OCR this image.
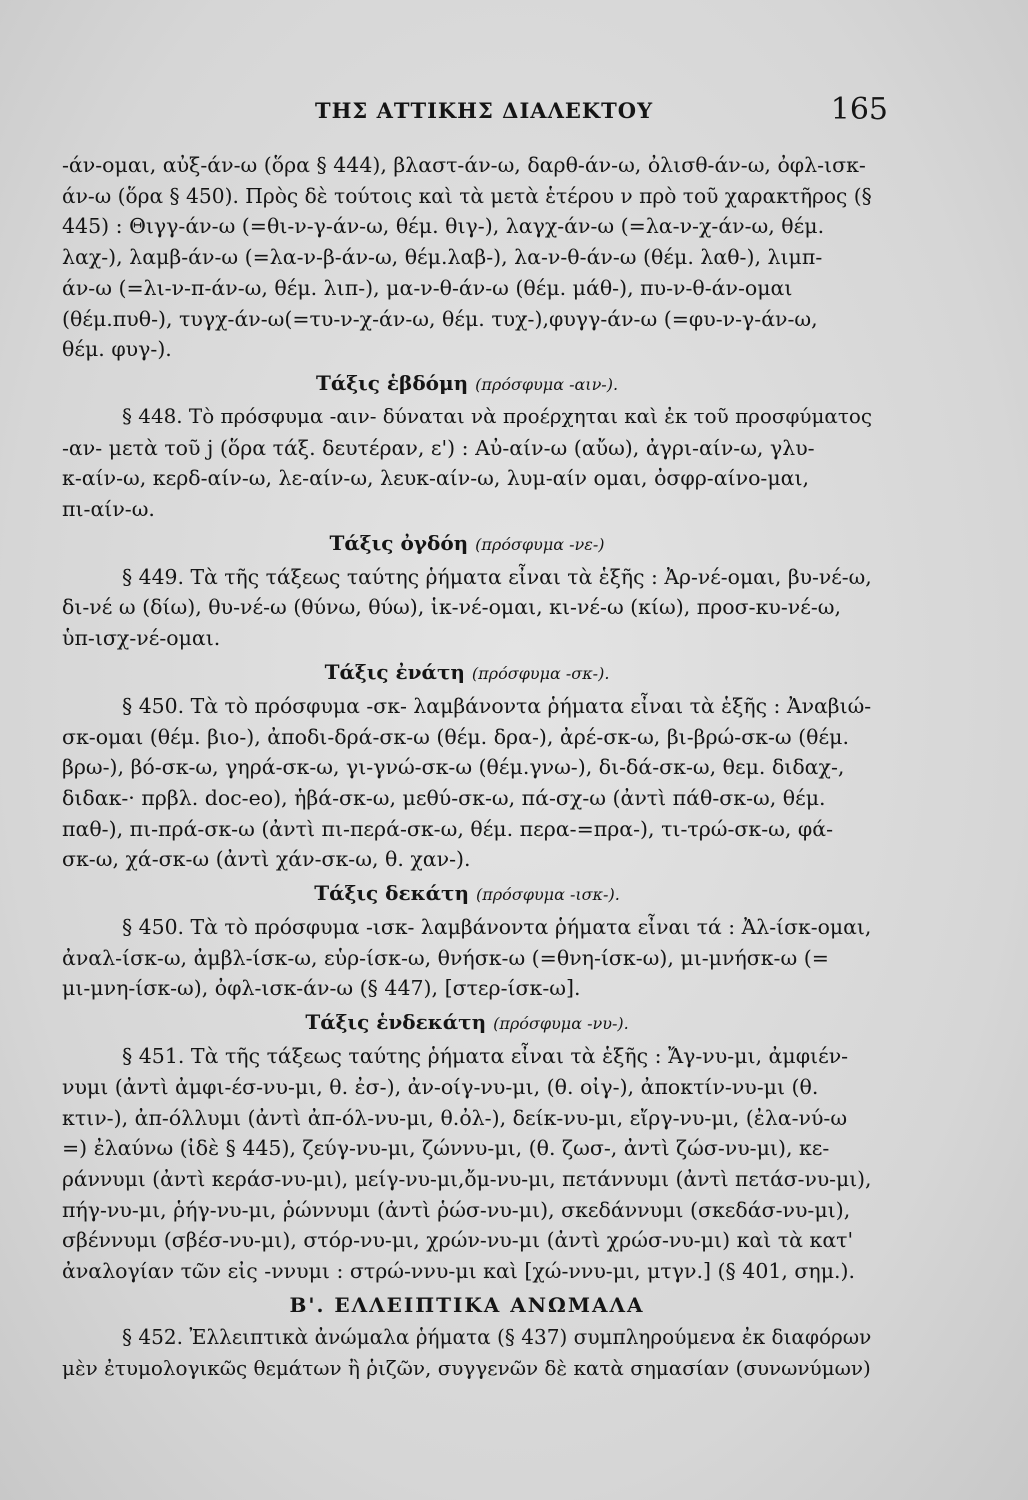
ΤΗΣ ΑΤΤΙΚΗΣ ΔΙΑΛΕΚΤΟΥ	165

-άν-ομαι, αὐξ-άν-ω (ὅρα § 444), βλαστ-άν-ω, δαρθ-άν-ω, ὀλισθ-άν-ω, ὀφλ-ισκ-
άν-ω (ὅρα § 450). Πρὸς δὲ τούτοις καὶ τὰ μετὰ ἑτέρου ν πρὸ τοῦ χαρακτῆρος (§
445) : Θιγγ-άν-ω (=θι-ν-γ-άν-ω, θέμ. θιγ-), λαγχ-άν-ω (=λα-ν-χ-άν-ω, θέμ.
λαχ-), λαμβ-άν-ω (=λα-ν-β-άν-ω, θέμ.λαβ-), λα-ν-θ-άν-ω (θέμ. λαθ-), λιμπ-
άν-ω (=λι-ν-π-άν-ω, θέμ. λιπ-), μα-ν-θ-άν-ω (θέμ. μάθ-), πυ-ν-θ-άν-ομαι
(θέμ.πυθ-), τυγχ-άν-ω(=τυ-ν-χ-άν-ω, θέμ. τυχ-),φυγγ-άν-ω (=φυ-ν-γ-άν-ω,
θέμ. φυγ-).

Τάξις ἑβδόμη (πρόσφυμα -αιν-).

§ 448. Τὸ πρόσφυμα -αιν- δύναται νὰ προέρχηται καὶ ἐκ τοῦ προσφύματος
-αν- μετὰ τοῦ j (ὅρα τάξ. δευτέραν, ε') : Αὐ-αίν-ω (αὔω), ἀγρι-αίν-ω, γλυ-
κ-αίν-ω, κερδ-αίν-ω, λε-αίν-ω, λευκ-αίν-ω, λυμ-αίν ομαι, ὀσφρ-αίνο-μαι,
πι-αίν-ω.

Τάξις ὀγδόη (πρόσφυμα -νε-)

§ 449. Τὰ τῆς τάξεως ταύτης ῥήματα εἶναι τὰ ἑξῆς : Ἀρ-νέ-ομαι, βυ-νέ-ω,
δι-νέ ω (δίω), θυ-νέ-ω (θύνω, θύω), ἱκ-νέ-ομαι, κι-νέ-ω (κίω), προσ-κυ-νέ-ω,
ὑπ-ισχ-νέ-ομαι.

Τάξις ἐνάτη (πρόσφυμα -σκ-).

§ 450. Τὰ τὸ πρόσφυμα -σκ- λαμβάνοντα ῥήματα εἶναι τὰ ἑξῆς : Ἀναβιώ-
σκ-ομαι (θέμ. βιο-), ἀποδι-δρά-σκ-ω (θέμ. δρα-), ἀρέ-σκ-ω, βι-βρώ-σκ-ω (θέμ.
βρω-), βό-σκ-ω, γηρά-σκ-ω, γι-γνώ-σκ-ω (θέμ.γνω-), δι-δά-σκ-ω, θεμ. διδαχ-,
διδακ-· πρβλ. doc-eo), ἡβά-σκ-ω, μεθύ-σκ-ω, πά-σχ-ω (ἀντὶ πάθ-σκ-ω, θέμ.
παθ-), πι-πρά-σκ-ω (ἀντὶ πι-περά-σκ-ω, θέμ. περα-=πρα-), τι-τρώ-σκ-ω, φά-
σκ-ω, χά-σκ-ω (ἀντὶ χάν-σκ-ω, θ. χαν-).

Τάξις δεκάτη (πρόσφυμα -ισκ-).

§ 450. Τὰ τὸ πρόσφυμα -ισκ- λαμβάνοντα ῥήματα εἶναι τά : Ἀλ-ίσκ-ομαι,
ἀναλ-ίσκ-ω, ἀμβλ-ίσκ-ω, εὑρ-ίσκ-ω, θνήσκ-ω (=θνη-ίσκ-ω), μι-μνήσκ-ω (=
μι-μνη-ίσκ-ω), ὀφλ-ισκ-άν-ω (§ 447), [στερ-ίσκ-ω].

Τάξις ἑνδεκάτη (πρόσφυμα -νυ-).

§ 451. Τὰ τῆς τάξεως ταύτης ῥήματα εἶναι τὰ ἑξῆς : Ἄγ-νυ-μι, ἀμφιέν-
νυμι (ἀντὶ ἀμφι-έσ-νυ-μι, θ. ἐσ-), ἀν-οίγ-νυ-μι, (θ. οἰγ-), ἀποκτίν-νυ-μι (θ.
κτιν-), ἀπ-όλλυμι (ἀντὶ ἀπ-όλ-νυ-μι, θ.ὀλ-), δείκ-νυ-μι, εἴργ-νυ-μι, (ἐλα-νύ-ω
=) ἐλαύνω (ἰδὲ § 445), ζεύγ-νυ-μι, ζώννυ-μι, (θ. ζωσ-, ἀντὶ ζώσ-νυ-μι), κε-
ράννυμι (ἀντὶ κεράσ-νυ-μι), μείγ-νυ-μι,ὄμ-νυ-μι, πετάννυμι (ἀντὶ πετάσ-νυ-μι),
πήγ-νυ-μι, ῥήγ-νυ-μι, ῥώννυμι (ἀντὶ ῥώσ-νυ-μι), σκεδάννυμι (σκεδάσ-νυ-μι),
σβέννυμι (σβέσ-νυ-μι), στόρ-νυ-μι, χρών-νυ-μι (ἀντὶ χρώσ-νυ-μι) καὶ τὰ κατ'
ἀναλογίαν τῶν εἰς -ννυμι : στρώ-ννυ-μι καὶ [χώ-ννυ-μι, μτγν.] (§ 401, σημ.).

Β'. ΕΛΛΕΙΠΤΙΚΑ ΑΝΩΜΑΛΑ

§ 452. Ἐλλειπτικὰ ἀνώμαλα ῥήματα (§ 437) συμπληρούμενα ἐκ διαφόρων
μὲν ἐτυμολογικῶς θεμάτων ἢ ῥιζῶν, συγγενῶν δὲ κατὰ σημασίαν (συνωνύμων)
